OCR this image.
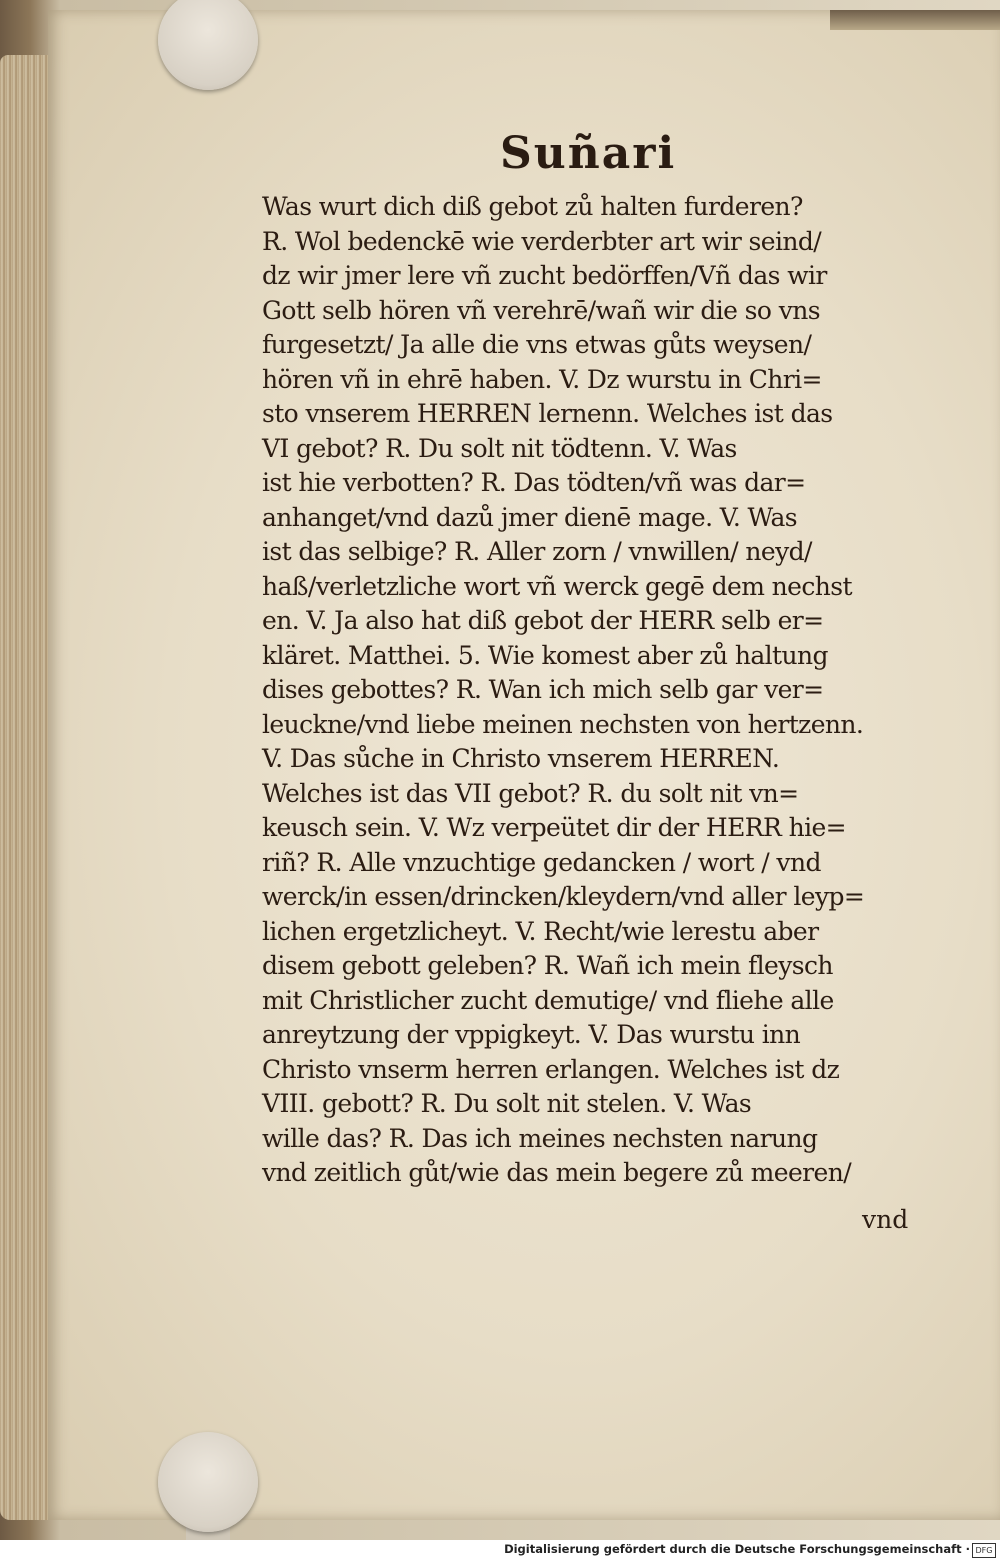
Suñari
Was wurt dich diß gebot zů halten furderen?
R. Wol bedenckē wie verderbter art wir seind/
dz wir jmer lere vñ zucht bedörffen/Vñ das wir
Gott selb hören vñ verehrē/wañ wir die so vns
furgesetzt/ Ja alle die vns etwas gůts weysen/
hören vñ in ehrē haben. V. Dz wurstu in Chri=
sto vnserem HERREN lernenn. Welches ist das
VI gebot? R. Du solt nit tödtenn. V. Was
ist hie verbotten? R. Das tödten/vñ was dar=
anhanget/vnd dazů jmer dienē mage. V. Was
ist das selbige? R. Aller zorn / vnwillen/ neyd/
haß/verletzliche wort vñ werck gegē dem nechst
en. V. Ja also hat diß gebot der HERR selb er=
kläret. Matthei. 5. Wie komest aber zů haltung
dises gebottes? R. Wan ich mich selb gar ver=
leuckne/vnd liebe meinen nechsten von hertzenn.
V. Das sůche in Christo vnserem HERREN.
Welches ist das VII gebot? R. du solt nit vn=
keusch sein. V. Wz verpeütet dir der HERR hie=
riñ? R. Alle vnzuchtige gedancken / wort / vnd
werck/in essen/drincken/kleydern/vnd aller leyp=
lichen ergetzlicheyt. V. Recht/wie lerestu aber
disem gebott geleben? R. Wañ ich mein fleysch
mit Christlicher zucht demutige/ vnd fliehe alle
anreytzung der vppigkeyt. V. Das wurstu inn
Christo vnserm herren erlangen. Welches ist dz
VIII. gebott? R. Du solt nit stelen. V. Was
wille das? R. Das ich meines nechsten narung
vnd zeitlich gůt/wie das mein begere zů meeren/
vnd
Digitalisierung gefördert durch die Deutsche Forschungsgemeinschaft · DFG
